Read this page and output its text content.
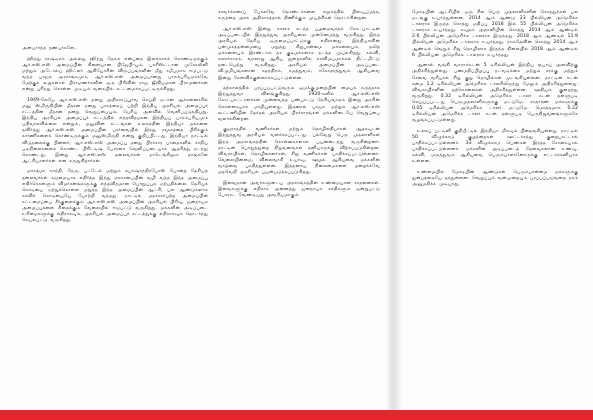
அன்பார்ந்த நண்பர்களே,

ஹிந்து ராஷ்டிரம் அல்லது ஹிந்து தேசம் என்பதை இலக்காகக் கொண்டிருக்கும் ஆர்.எஸ்.எஸ் அமைப்பின் கிளையான பிஜேபி-யும், பாசிஸ்ட்டான முசோலினி மற்றும் அடோல்ப் ஹிட்லர் ஆகியோரின் விருப்பங்களின் மீது சமீபமாக ஈடுபட்டு வந்த பாஜக அரசாங்கமும், ஆர்.எஸ்.எஸ் அமைப்பானது பாரம்பரியமாகவே மேற்குக் கூறுகளால் பிராமணர்களின் ஒரு பிரிவின் ராஜ ஜீவியமான பிராமணர்கள் என்று புரிந்து கொள்ள முடியும் வகையில் கட்டமைக்கப்பட்டிருக்கிறது.

1949-லேயே ஆர்.எஸ்.எஸ் தனது அதிகாரப்பூர்வ செய்தி ஏடான ஆர்கனைசரில் மனு ஸ்மிருதியின் மீதான தனது பாசத்தைப் பற்றி இந்திய அரசியல் அமைப்புச் சட்டத்தின் மீதான தனது வெறுப்பையும், பெரிய அளவில் வெளிப்படுத்தியது. இந்திய அரசியல் அமைப்புச் சட்டத்தில் எந்தவிதமான இந்தியப் பாரம்பரியமும் பதிவாகவில்லை என்றும், மனுவின் சட்டங்கள் உலகத்தின் இந்தியா மக்களை தவிர்த்து ஆர்.எஸ்.எஸ் அமைப்பின் பார்வையில் இந்து சமூகத்தை பிரிக்கும் காரணிகளைக் கொண்டிருக்கும் மனுஸ்மிருதி என்று குறிப்பிட்டது. இந்தியா நாட்டில் விடுதலைக்கு பின்னர், ஆர்.எஸ்.எஸ் அமைப்பு தனது பிரச்சார பாதைகளில் சாதிய படிநிலைகளைக் கொண்ட பிரிட்டிஷ் பேரரசை வெளிப்படையாக ஆதரித்து நடந்து கொண்டது. இன்று ஆர்.எஸ்.எஸ் தலைவர்கள் நாடெங்கிலும் தாங்களே ஆட்சியாளர்கள் என கருதுகிறார்கள்.

மகாத்மா காந்தி, நேரு, பட்டேல் மற்றும் சுபாஷ்சந்திரபோஸ் போன்ற தேசியத் தலைவர்கள் கடுமையாக எதிர்த்த இந்து மகாசபையின் வழி வந்த இந்த அமைப்பு எதிர்கொள்ளும் விமர்சனங்களுக்கு எந்தவிதமான பொறுப்பும் ஏற்பதில்லை. தேசியக் கொடியை ஏற்றுக்கொள்ள மறுத்த இந்த அமைப்பின் ஆட்சி, பல ஆண்டுகளாக காவிக் கொடியையே போற்றி வந்தது. நாட்டில் மதச்சார்பற்ற அமைப்பின் கட்டமைப்பை சீர்குலைக்கும் ஆர்.எஸ்.எஸ் அமைப்பின் அரசியல் பிரிவு, ஜனநாயக அமைப்புகளை சிதைக்கும் வேலையில் ஈடுபட்டு வருகிறது. மக்களின் அடிப்படை உரிமைகளுக்கு எதிராகவும், அரசியல் அமைப்புச் சட்டத்துக்கு எதிராகவும் தொடர்ந்து செயல்பட்டு வருகிறது.

சாவர்க்கரைப் போலவே தொண்டர்களை சமூகத்தில் பிளவுபடுத்த, கருத்தை அரசு அதிகாரத்தால் திணிக்கும் முயற்சிகள் தொடர்கின்றன.

ஆர்.எஸ்.எஸ் இன்று காலம் கடந்த பழமைவாதக் கோட்பாட்டின் அடிப்படையில் இந்துத்துவ அரசியலை முன்னெடுத்து வருகிறது. இந்த அரசியல் தேசிய ஒருமைப்பாட்டுக்கு எதிரானது. இந்தியாவின் பன்முகத்தன்மையை மறுத்து சிறுபான்மை மக்களையும், தலித் மக்களையும் இரண்டாம் தர குடிமக்களாக நடத்த முயல்கிறது. கல்வி, கலாச்சாரம், வரலாறு ஆகிய துறைகளில் காவிமயமாக்கல் திட்டமிட்டு நடைபெற்று வருகிறது. அரசியல் அமைப்பின் அடிப்படை விழுமியங்களான சுதந்திரம், சமத்துவம், சகோதரத்துவம் ஆகியவை இன்று கேள்விக்குள்ளாக்கப்பட்டுள்ளன.

தற்காலத்தில் பரப்பப்பட்டுவரும் ஒடுக்குமுறையின் மையக் கருத்தாக இந்துத்துவா விளங்குகிறது. 1920-களில் ஆர்.எஸ்.எஸ் கோட்பாட்டாளர்கள் முன்வைத்த பண்பாட்டு தேசியவாதம் இன்று அரசின் கொள்கையாக மாறியுள்ளது. இதனால் பாஜக மற்றும் ஆர்.எஸ்.எஸ் கூட்டணியின் தேர்தல் அரசியல் பிரச்சாரங்கள் மக்களிடையே வெறுப்பை வளர்க்கின்றன.

குஜராத்தில் வணிகர்கள் மற்றும் தொழிலதிபர்கள் ஆதரவுடன் இந்துத்துவ அரசியல் வளர்க்கப்பட்டது. பல்வேறு பெரு முதலாளிகள் இந்த அரசாங்கத்தின் கொள்கைகளால் பயனடைந்து வருகின்றனர். நாட்டின் பொதுத்துறை நிறுவனங்கள் தனியாருக்கு விற்கப்படுகின்றன. விவசாயிகள், தொழிலாளர்கள், சிறு வணிகர்கள் பாதிக்கப்பட்டுள்ளனர். வேலையின்மை, விலைவாசி உயர்வு, ஊழல் ஆகியவை மக்களின் வாழ்வை பாதித்துள்ளன. இத்தகைய நிலைமைகளை மறைக்கவே மதவெறி அரசியல் பயன்படுத்தப்படுகிறது.

இவைதான் அவர்களுடைய அரசாங்கத்தின் உண்மையான சாதனைகள். இவைகளுக்கு எதிராக அனைத்து ஜனநாயக சக்திகளும் ஒன்றுபட்டு போராட வேண்டியது அவசியமாகும்.

மோடியின் ஆட்சியில் ஒரு சில பெரு முதலாளிகளின் சொத்துக்கள் பல மடங்கு உயர்ந்துள்ளன. 2014 ஆம் ஆண்டு 23 பில்லியன் அமெரிக்க டாலராக இருந்த சொத்து மதிப்பு 2018 இல் 55 பில்லியன் அமெரிக்க டாலராக உயர்ந்தது. கவுதம் அதானியின் சொத்து 2014 ஆம் ஆண்டில் 2.6 பில்லியன் அமெரிக்க டாலராக இருந்தது. 2018 ஆம் ஆண்டில் 11.9 பில்லியன் அமெரிக்க டாலராக உயர்ந்தது. ராம்தேவின் சொத்து 2014 ஆம் ஆண்டில் வெறும் சிறு தொழிலாக இருந்த நிலையில் 2018 ஆம் ஆண்டில் 6 பில்லியன் அமெரிக்க டாலராக உயர்ந்தது.

ஆனால் வங்கி வாராக்கடன் 5 டிரில்லியன் இந்திய ரூபாய் அளவிற்கு அதிகரித்துள்ளது. பணமதிப்பிழப்பு நடவடிக்கை மற்றும் சரக்கு மற்றும் சேவை வரியால் சிறு குறு தொழில்கள் முடங்கியுள்ளன. நாட்டின் கடன் சுமை 1.2 டிரில்லியன் அமெரிக்க டாலரிலிருந்து மேலும் அதிகரித்துள்ளது. விவசாயிகளின் தற்கொலைகள் அதிகரித்துள்ளன. ஊதியம் குறைந்து வருகிறது. 0.32 டிரில்லியன் அமெரிக்க டாலர் கடன் தள்ளுபடி செய்யப்பட்டது பெருமுதலாளிகளுக்கு மட்டுமே. சாதாரண மக்களுக்கு 0.05 டிரில்லியன் அமெரிக்க டாலர் மட்டுமே. மொத்தமாக 0.22 டிரில்லியன் அமெரிக்க டாலர் கடன் தள்ளுபடி பெருநிறுவனங்களுக்கே வழங்கப்பட்டுள்ளது.

உலகப் பட்டினி குறியீட்டில் இந்தியா மிகவும் பின்தங்கியுள்ளது. நாட்டில் 50 விழுக்காடு குழந்தைகள் ஊட்டச்சத்து குறைபாட்டால் பாதிக்கப்பட்டுள்ளனர். 33 விழுக்காடு பெண்கள் இரத்த சோகையால் பாதிக்கப்பட்டுள்ளனர். மக்களின் அடிப்படைத் தேவைகளான உணவு, கல்வி, மருத்துவம் ஆகியவை பெரும்பாலானோருக்கு எட்டாக்கனியாக உள்ளன.

உண்மையில் மோடியின் ஆண்டுகள் பெரும்பான்மை மக்களுக்கு துன்பத்தையே தந்துள்ளன. வெறுப்பும் வன்முறையும் பரப்பப்படுவதை நாம் அனுமதிக்க முடியாது.
